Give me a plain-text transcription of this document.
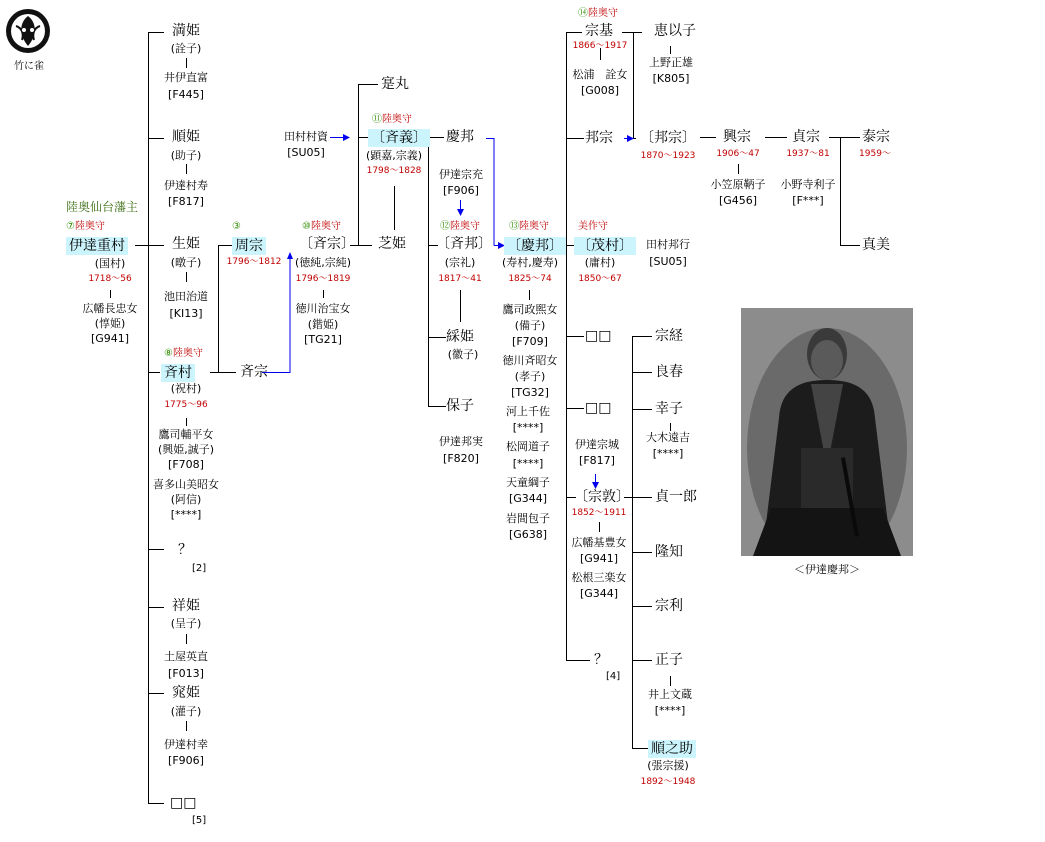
竹に雀
陸奥仙台藩主
⑦陸奥守
伊達重村
(国村)
1718～56
広幡長忠女
(惇姫)
[G941]
⑧陸奥守
斉村
(祝村)
1775～96
鷹司輔平女
(興姫,誠子)
[F708]
喜多山美昭女
(阿信)
[****]
満姫
(詮子)
井伊直富
[F445]
順姫
(助子)
伊達村寿
[F817]
生姫
(暾子)
池田治道
[KI13]
？
[2]
祥姫
(呈子)
土屋英直
[F013]
窕姫
(灌子)
伊達村幸
[F906]
□□
[5]
③
周宗
1796～1812
斉宗
⑩陸奥守
〔斉宗〕
(徳純,宗純)
1796～1819
徳川治宝女
(鍇姫)
[TG21]
田村村資
[SU05]
寔丸
⑪陸奥守
〔斉義〕
(顕嘉,宗義)
1798～1828
芝姫
慶邦
伊達宗充
[F906]
⑫陸奥守
〔斉邦〕
(宗礼)
1817～41
綵姫
(徽子)
保子
伊達邦実
[F820]
⑬陸奥守
〔慶邦〕
(寿村,慶寿)
1825～74
鷹司政煕女
(備子)
[F709]
徳川斉昭女
(孝子)
[TG32]
河上千佐
[****]
松岡道子
[****]
天童綱子
[G344]
岩間包子
[G638]
⑭陸奥守
宗基
1866～1917
松浦　詮女
[G008]
邦宗
美作守
〔茂村〕
(庸村)
1850～67
□□
□□
伊達宗城
[F817]
〔宗敦〕
1852～1911
広幡基豊女
[G941]
松根三楽女
[G344]
？
[4]
田村邦行
[SU05]
恵以子
上野正雄
[K805]
〔邦宗〕
1870～1923
興宗
1906～47
小笠原鞆子
[G456]
貞宗
1937～81
小野寺利子
[F***]
泰宗
1959～
真美
宗経
良春
幸子
大木遠吉
[****]
貞一郎
隆知
宗利
正子
井上文蔵
[****]
順之助
(張宗援)
1892～1948
＜伊達慶邦＞
